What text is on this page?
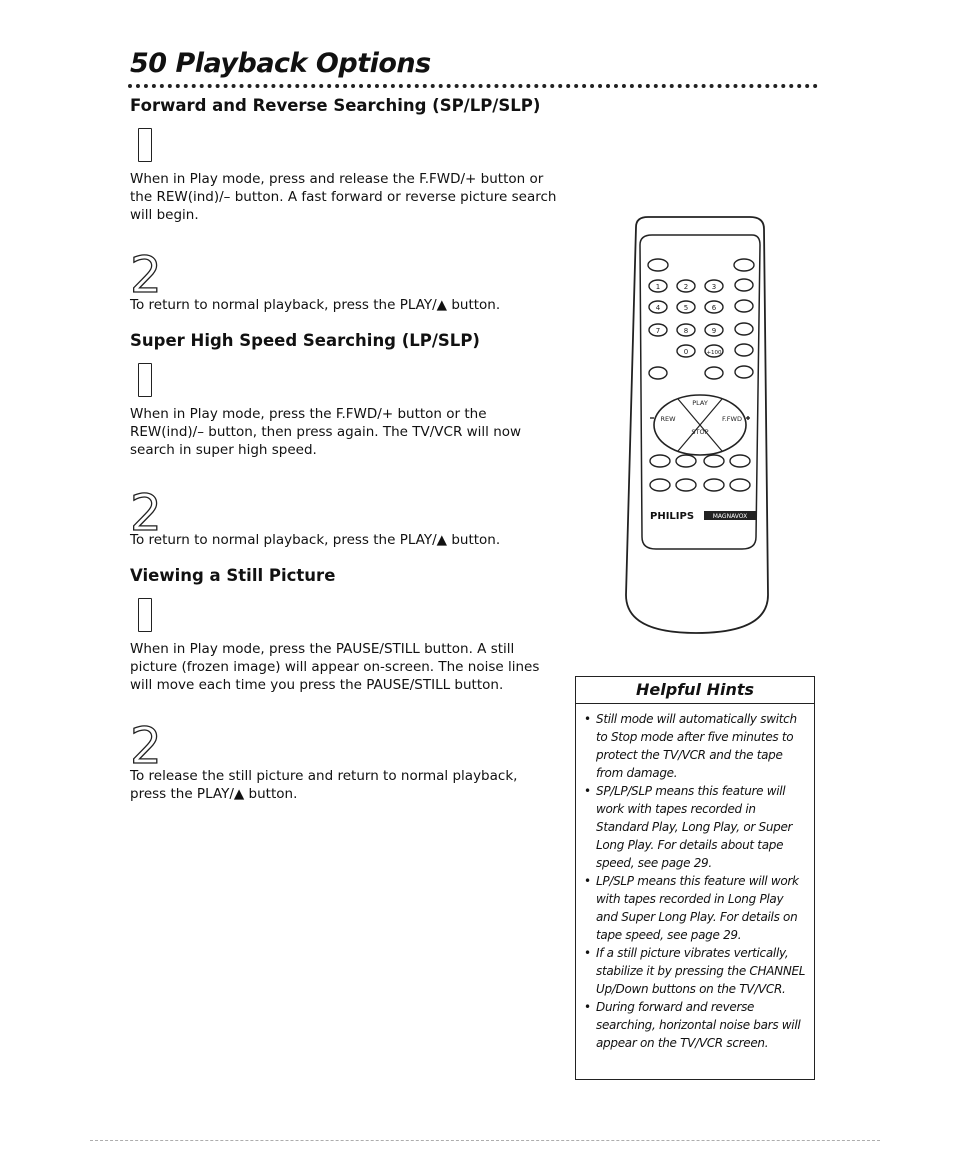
50 Playback Options
Forward and Reverse Searching (SP/LP/SLP)
When in Play mode, press and release the F.FWD/+ button or the REW(ind)/– button. A fast forward or reverse picture search will begin.
2
To return to normal playback, press the PLAY/▲ button.
Super High Speed Searching (LP/SLP)
When in Play mode, press the F.FWD/+ button or the REW(ind)/– button, then press again. The TV/VCR will now search in super high speed.
2
To return to normal playback, press the PLAY/▲ button.
Viewing a Still Picture
When in Play mode, press the PAUSE/STILL button. A still picture (frozen image) will appear on-screen. The noise lines will move each time you press the PAUSE/STILL button.
2
To release the still picture and return to normal playback, press the PLAY/▲ button.
1	2	3
4	5	6
7	8	9
0	+100
PLAY
STOP
REW	F.FWD
PHILIPS	MAGNAVOX
Helpful Hints
• Still mode will automatically switch to Stop mode after five minutes to protect the TV/VCR and the tape from damage.
• SP/LP/SLP means this feature will work with tapes recorded in Standard Play, Long Play, or Super Long Play. For details about tape speed, see page 29.
• LP/SLP means this feature will work with tapes recorded in Long Play and Super Long Play. For details on tape speed, see page 29.
• If a still picture vibrates vertically, stabilize it by pressing the CHANNEL Up/Down buttons on the TV/VCR.
• During forward and reverse searching, horizontal noise bars will appear on the TV/VCR screen.
